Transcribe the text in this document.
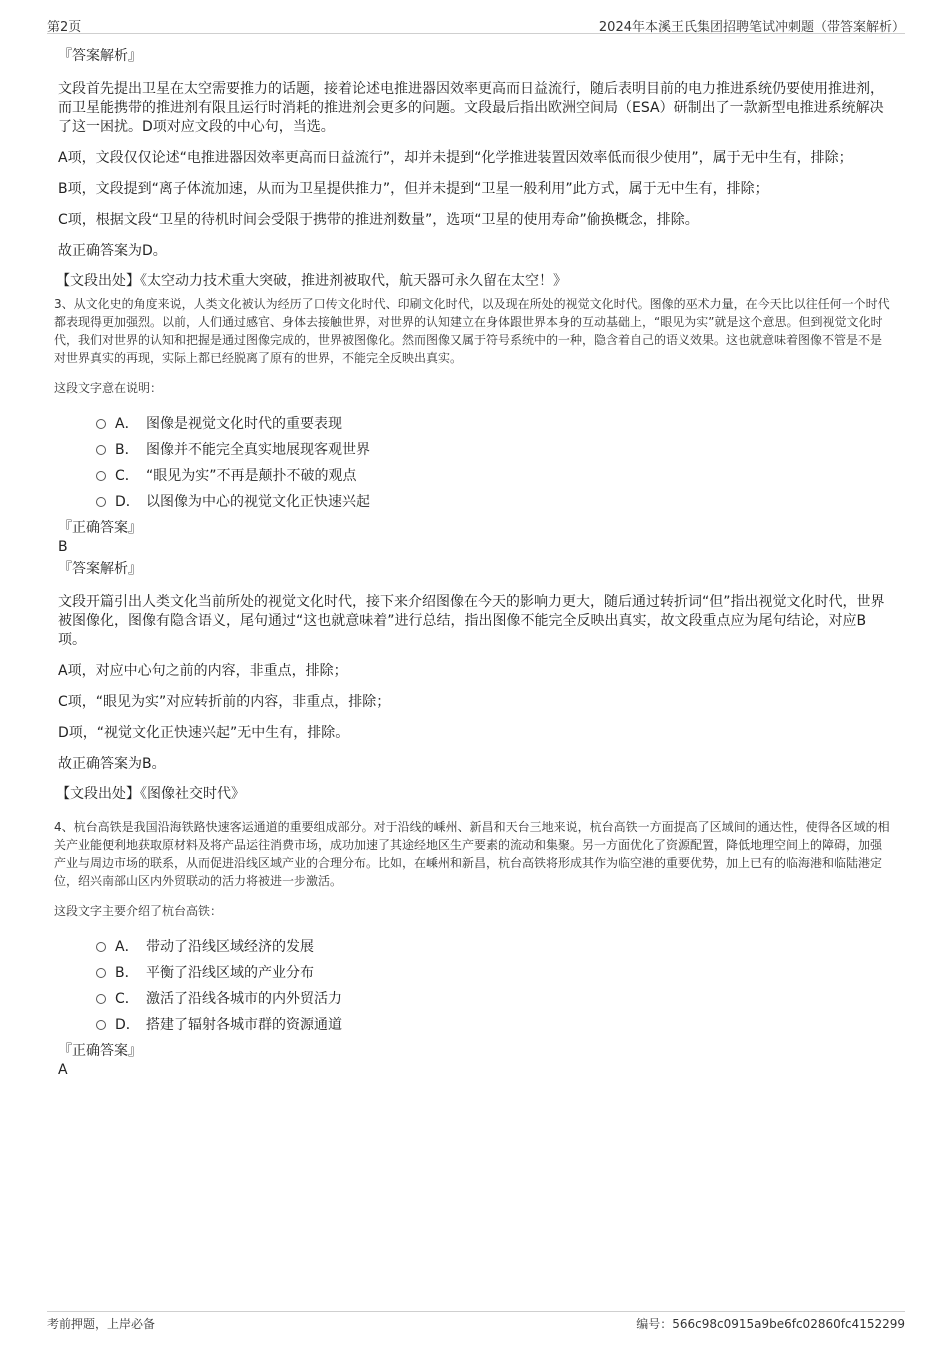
第2页	2024年本溪王氏集团招聘笔试冲刺题（带答案解析）
『答案解析』

文段首先提出卫星在太空需要推力的话题，接着论述电推进器因效率更高而日益流行，随后表明目前的电力推进系统仍要使用推进剂，而卫星能携带的推进剂有限且运行时消耗的推进剂会更多的问题。文段最后指出欧洲空间局（ESA）研制出了一款新型电推进系统解决了这一困扰。D项对应文段的中心句，当选。

A项，文段仅仅论述“电推进器因效率更高而日益流行”，却并未提到“化学推进装置因效率低而很少使用”，属于无中生有，排除；

B项，文段提到“离子体流加速，从而为卫星提供推力”，但并未提到“卫星一般利用”此方式，属于无中生有，排除；

C项，根据文段“卫星的待机时间会受限于携带的推进剂数量”，选项“卫星的使用寿命”偷换概念，排除。

故正确答案为D。

【文段出处】《太空动力技术重大突破，推进剂被取代，航天器可永久留在太空！》

3、从文化史的角度来说，人类文化被认为经历了口传文化时代、印刷文化时代，以及现在所处的视觉文化时代。图像的巫术力量，在今天比以往任何一个时代都表现得更加强烈。以前，人们通过感官、身体去接触世界，对世界的认知建立在身体跟世界本身的互动基础上，“眼见为实”就是这个意思。但到视觉文化时代，我们对世界的认知和把握是通过图像完成的，世界被图像化。然而图像又属于符号系统中的一种，隐含着自己的语义效果。这也就意味着图像不管是不是对世界真实的再现，实际上都已经脱离了原有的世界，不能完全反映出真实。

这段文字意在说明：

A． 图像是视觉文化时代的重要表现
B． 图像并不能完全真实地展现客观世界
C． “眼见为实”不再是颠扑不破的观点
D． 以图像为中心的视觉文化正快速兴起
『正确答案』
B
『答案解析』

文段开篇引出人类文化当前所处的视觉文化时代，接下来介绍图像在今天的影响力更大，随后通过转折词“但”指出视觉文化时代，世界被图像化，图像有隐含语义，尾句通过“这也就意味着”进行总结，指出图像不能完全反映出真实，故文段重点应为尾句结论，对应B项。

A项，对应中心句之前的内容，非重点，排除；

C项，“眼见为实”对应转折前的内容，非重点，排除；

D项，“视觉文化正快速兴起”无中生有，排除。

故正确答案为B。

【文段出处】《图像社交时代》

4、杭台高铁是我国沿海铁路快速客运通道的重要组成部分。对于沿线的嵊州、新昌和天台三地来说，杭台高铁一方面提高了区域间的通达性，使得各区域的相关产业能便利地获取原材料及将产品运往消费市场，成功加速了其途经地区生产要素的流动和集聚。另一方面优化了资源配置，降低地理空间上的障碍，加强产业与周边市场的联系，从而促进沿线区域产业的合理分布。比如，在嵊州和新昌，杭台高铁将形成其作为临空港的重要优势，加上已有的临海港和临陆港定位，绍兴南部山区内外贸联动的活力将被进一步激活。

这段文字主要介绍了杭台高铁：

A． 带动了沿线区域经济的发展
B． 平衡了沿线区域的产业分布
C． 激活了沿线各城市的内外贸活力
D． 搭建了辐射各城市群的资源通道
『正确答案』
A
考前押题，上岸必备	编号：566c98c0915a9be6fc02860fc4152299
